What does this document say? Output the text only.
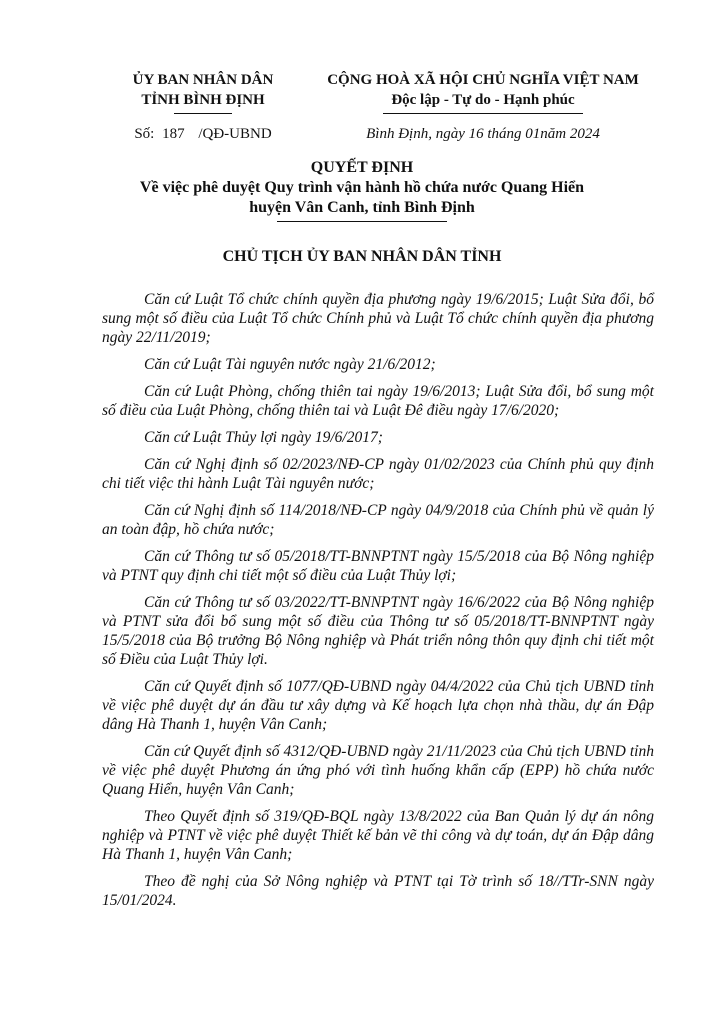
ỦY BAN NHÂN DÂN
TỈNH BÌNH ĐỊNH
Số: 187 /QĐ-UBND
CỘNG HOÀ XÃ HỘI CHỦ NGHĨA VIỆT NAM
Độc lập - Tự do - Hạnh phúc
Bình Định, ngày 16 tháng 01năm 2024
QUYẾT ĐỊNH
Về việc phê duyệt Quy trình vận hành hồ chứa nước Quang Hiển
huyện Vân Canh, tỉnh Bình Định
CHỦ TỊCH ỦY BAN NHÂN DÂN TỈNH

Căn cứ Luật Tổ chức chính quyền địa phương ngày 19/6/2015; Luật Sửa đổi, bổ sung một số điều của Luật Tổ chức Chính phủ và Luật Tổ chức chính quyền địa phương ngày 22/11/2019;

Căn cứ Luật Tài nguyên nước ngày 21/6/2012;

Căn cứ Luật Phòng, chống thiên tai ngày 19/6/2013; Luật Sửa đổi, bổ sung một số điều của Luật Phòng, chống thiên tai và Luật Đê điều ngày 17/6/2020;

Căn cứ Luật Thủy lợi ngày 19/6/2017;

Căn cứ Nghị định số 02/2023/NĐ-CP ngày 01/02/2023 của Chính phủ quy định chi tiết việc thi hành Luật Tài nguyên nước;

Căn cứ Nghị định số 114/2018/NĐ-CP ngày 04/9/2018 của Chính phủ về quản lý an toàn đập, hồ chứa nước;

Căn cứ Thông tư số 05/2018/TT-BNNPTNT ngày 15/5/2018 của Bộ Nông nghiệp và PTNT quy định chi tiết một số điều của Luật Thủy lợi;

Căn cứ Thông tư số 03/2022/TT-BNNPTNT ngày 16/6/2022 của Bộ Nông nghiệp và PTNT sửa đổi bổ sung một số điều của Thông tư số 05/2018/TT-BNNPTNT ngày 15/5/2018 của Bộ trưởng Bộ Nông nghiệp và Phát triển nông thôn quy định chi tiết một số Điều của Luật Thủy lợi.

Căn cứ Quyết định số 1077/QĐ-UBND ngày 04/4/2022 của Chủ tịch UBND tỉnh về việc phê duyệt dự án đầu tư xây dựng và Kế hoạch lựa chọn nhà thầu, dự án Đập dâng Hà Thanh 1, huyện Vân Canh;

Căn cứ Quyết định số 4312/QĐ-UBND ngày 21/11/2023 của Chủ tịch UBND tỉnh về việc phê duyệt Phương án ứng phó với tình huống khẩn cấp (EPP) hồ chứa nước Quang Hiển, huyện Vân Canh;

Theo Quyết định số 319/QĐ-BQL ngày 13/8/2022 của Ban Quản lý dự án nông nghiệp và PTNT về việc phê duyệt Thiết kế bản vẽ thi công và dự toán, dự án Đập dâng Hà Thanh 1, huyện Vân Canh;

Theo đề nghị của Sở Nông nghiệp và PTNT tại Tờ trình số 18//TTr-SNN ngày 15/01/2024.
